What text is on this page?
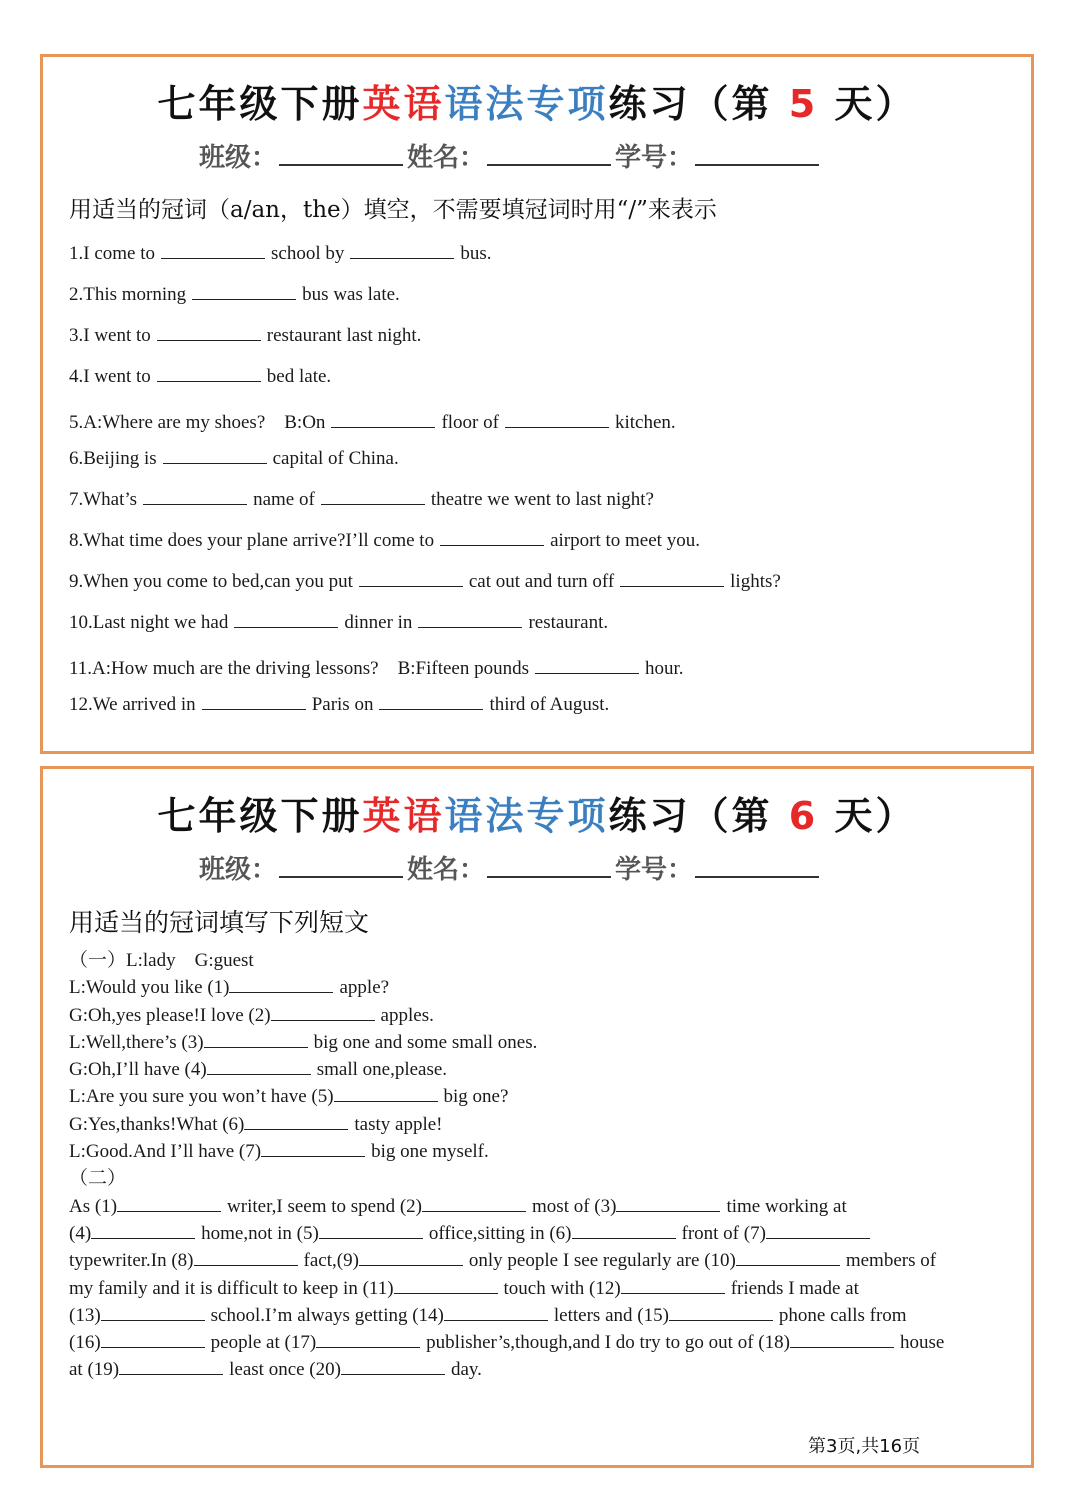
七年级下册英语语法专项练习（第 5 天）
班级：	姓名：	学号：
用适当的冠词（a/an，the）填空，不需要填冠词时用“/”来表示
1.I come to	school by	bus.
2.This morning	bus was late.
3.I went to	restaurant last night.
4.I went to	bed late.
5.A:Where are my shoes?　B:On	floor of	kitchen.
6.Beijing is	capital of China.
7.What’s	name of	theatre we went to last night?
8.What time does your plane arrive?I’ll come to	airport to meet you.
9.When you come to bed,can you put	cat out and turn off	lights?
10.Last night we had	dinner in	restaurant.
11.A:How much are the driving lessons?　B:Fifteen pounds	hour.
12.We arrived in	Paris on	third of August.
七年级下册英语语法专项练习（第 6 天）
班级：	姓名：	学号：
用适当的冠词填写下列短文
（一）L:lady　G:guest
L:Would you like (1)	apple?
G:Oh,yes please!I love (2)	apples.
L:Well,there’s (3)	big one and some small ones.
G:Oh,I’ll have (4)	small one,please.
L:Are you sure you won’t have (5)	big one?
G:Yes,thanks!What (6)	tasty apple!
L:Good.And I’ll have (7)	big one myself.
（二）
As (1)	writer,I seem to spend (2)	most of (3)	time working at
(4)	home,not in (5)	office,sitting in (6)	front of (7)
typewriter.In (8)	fact,(9)	only people I see regularly are (10)	members of
my family and it is difficult to keep in (11)	touch with (12)	friends I made at
(13)	school.I’m always getting (14)	letters and (15)	phone calls from
(16)	people at (17)	publisher’s,though,and I do try to go out of (18)	house
at (19)	least once (20)	day.
第3页,共16页
